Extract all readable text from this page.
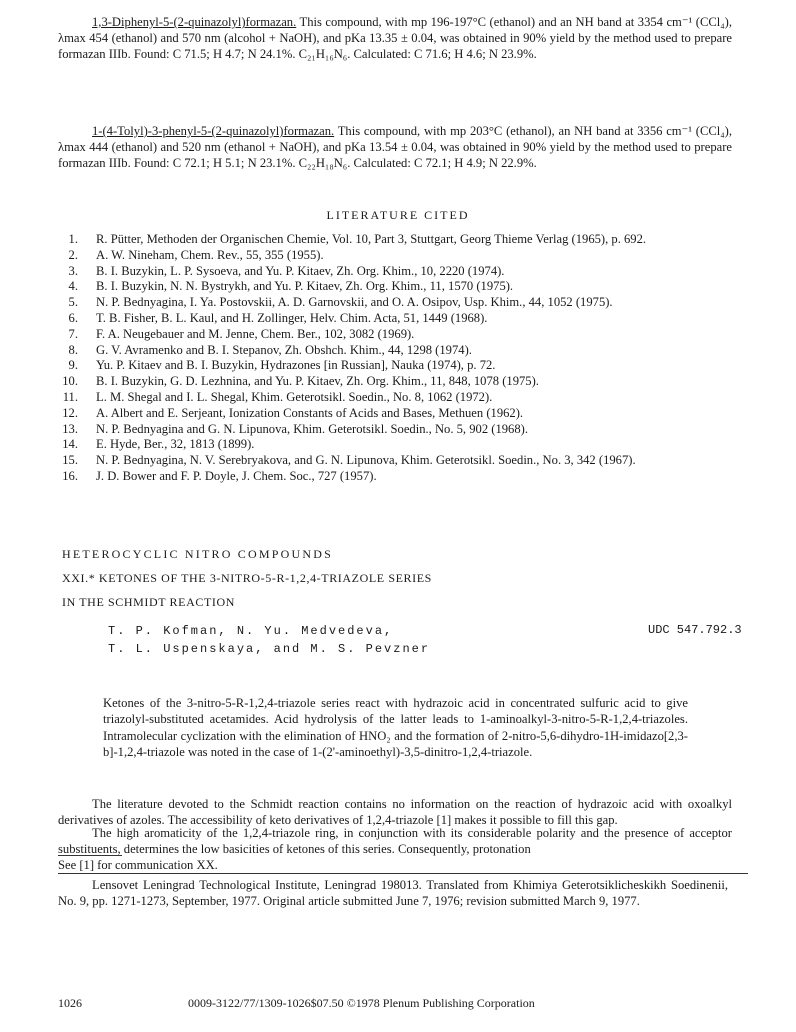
1,3-Diphenyl-5-(2-quinazolyl)formazan. This compound, with mp 196-197°C (ethanol) and an NH band at 3354 cm⁻¹ (CCl₄), λmax 454 (ethanol) and 570 nm (alcohol + NaOH), and pKa 13.35 ± 0.04, was obtained in 90% yield by the method used to prepare formazan IIIb. Found: C 71.5; H 4.7; N 24.1%. C₂₁H₁₆N₆. Calculated: C 71.6; H 4.6; N 23.9%.

1-(4-Tolyl)-3-phenyl-5-(2-quinazolyl)formazan. This compound, with mp 203°C (ethanol), an NH band at 3356 cm⁻¹ (CCl₄), λmax 444 (ethanol) and 520 nm (ethanol + NaOH), and pKa 13.54 ± 0.04, was obtained in 90% yield by the method used to prepare formazan IIIb. Found: C 72.1; H 5.1; N 23.1%. C₂₂H₁₈N₆. Calculated: C 72.1; H 4.9; N 22.9%.

LITERATURE CITED
1. R. Pütter, Methoden der Organischen Chemie, Vol. 10, Part 3, Stuttgart, Georg Thieme Verlag (1965), p. 692.
2. A. W. Nineham, Chem. Rev., 55, 355 (1955).
3. B. I. Buzykin, L. P. Sysoeva, and Yu. P. Kitaev, Zh. Org. Khim., 10, 2220 (1974).
4. B. I. Buzykin, N. N. Bystrykh, and Yu. P. Kitaev, Zh. Org. Khim., 11, 1570 (1975).
5. N. P. Bednyagina, I. Ya. Postovskii, A. D. Garnovskii, and O. A. Osipov, Usp. Khim., 44, 1052 (1975).
6. T. B. Fisher, B. L. Kaul, and H. Zollinger, Helv. Chim. Acta, 51, 1449 (1968).
7. F. A. Neugebauer and M. Jenne, Chem. Ber., 102, 3082 (1969).
8. G. V. Avramenko and B. I. Stepanov, Zh. Obshch. Khim., 44, 1298 (1974).
9. Yu. P. Kitaev and B. I. Buzykin, Hydrazones [in Russian], Nauka (1974), p. 72.
10. B. I. Buzykin, G. D. Lezhnina, and Yu. P. Kitaev, Zh. Org. Khim., 11, 848, 1078 (1975).
11. L. M. Shegal and I. L. Shegal, Khim. Geterotsikl. Soedin., No. 8, 1062 (1972).
12. A. Albert and E. Serjeant, Ionization Constants of Acids and Bases, Methuen (1962).
13. N. P. Bednyagina and G. N. Lipunova, Khim. Geterotsikl. Soedin., No. 5, 902 (1968).
14. E. Hyde, Ber., 32, 1813 (1899).
15. N. P. Bednyagina, N. V. Serebryakova, and G. N. Lipunova, Khim. Geterotsikl. Soedin., No. 3, 342 (1967).
16. J. D. Bower and F. P. Doyle, J. Chem. Soc., 727 (1957).
HETEROCYCLIC NITRO COMPOUNDS
XXI.* KETONES OF THE 3-NITRO-5-R-1,2,4-TRIAZOLE SERIES
IN THE SCHMIDT REACTION
T. P. Kofman, N. Yu. Medvedeva,
T. L. Uspenskaya, and M. S. Pevzner
UDC 547.792.3

Ketones of the 3-nitro-5-R-1,2,4-triazole series react with hydrazoic acid in concentrated sulfuric acid to give triazolyl-substituted acetamides. Acid hydrolysis of the latter leads to 1-aminoalkyl-3-nitro-5-R-1,2,4-triazoles. Intramolecular cyclization with the elimination of HNO₂ and the formation of 2-nitro-5,6-dihydro-1H-imidazo[2,3-b]-1,2,4-triazole was noted in the case of 1-(2'-aminoethyl)-3,5-dinitro-1,2,4-triazole.

The literature devoted to the Schmidt reaction contains no information on the reaction of hydrazoic acid with oxoalkyl derivatives of azoles. The accessibility of keto derivatives of 1,2,4-triazole [1] makes it possible to fill this gap.

The high aromaticity of the 1,2,4-triazole ring, in conjunction with its considerable polarity and the presence of acceptor substituents, determines the low basicities of ketones of this series. Consequently, protonation

See [1] for communication XX.
Lensovet Leningrad Technological Institute, Leningrad 198013. Translated from Khimiya Geterotsiklicheskikh Soedinenii, No. 9, pp. 1271-1273, September, 1977. Original article submitted June 7, 1976; revision submitted March 9, 1977.
1026	0009-3122/77/1309-1026$07.50 ©1978 Plenum Publishing Corporation
